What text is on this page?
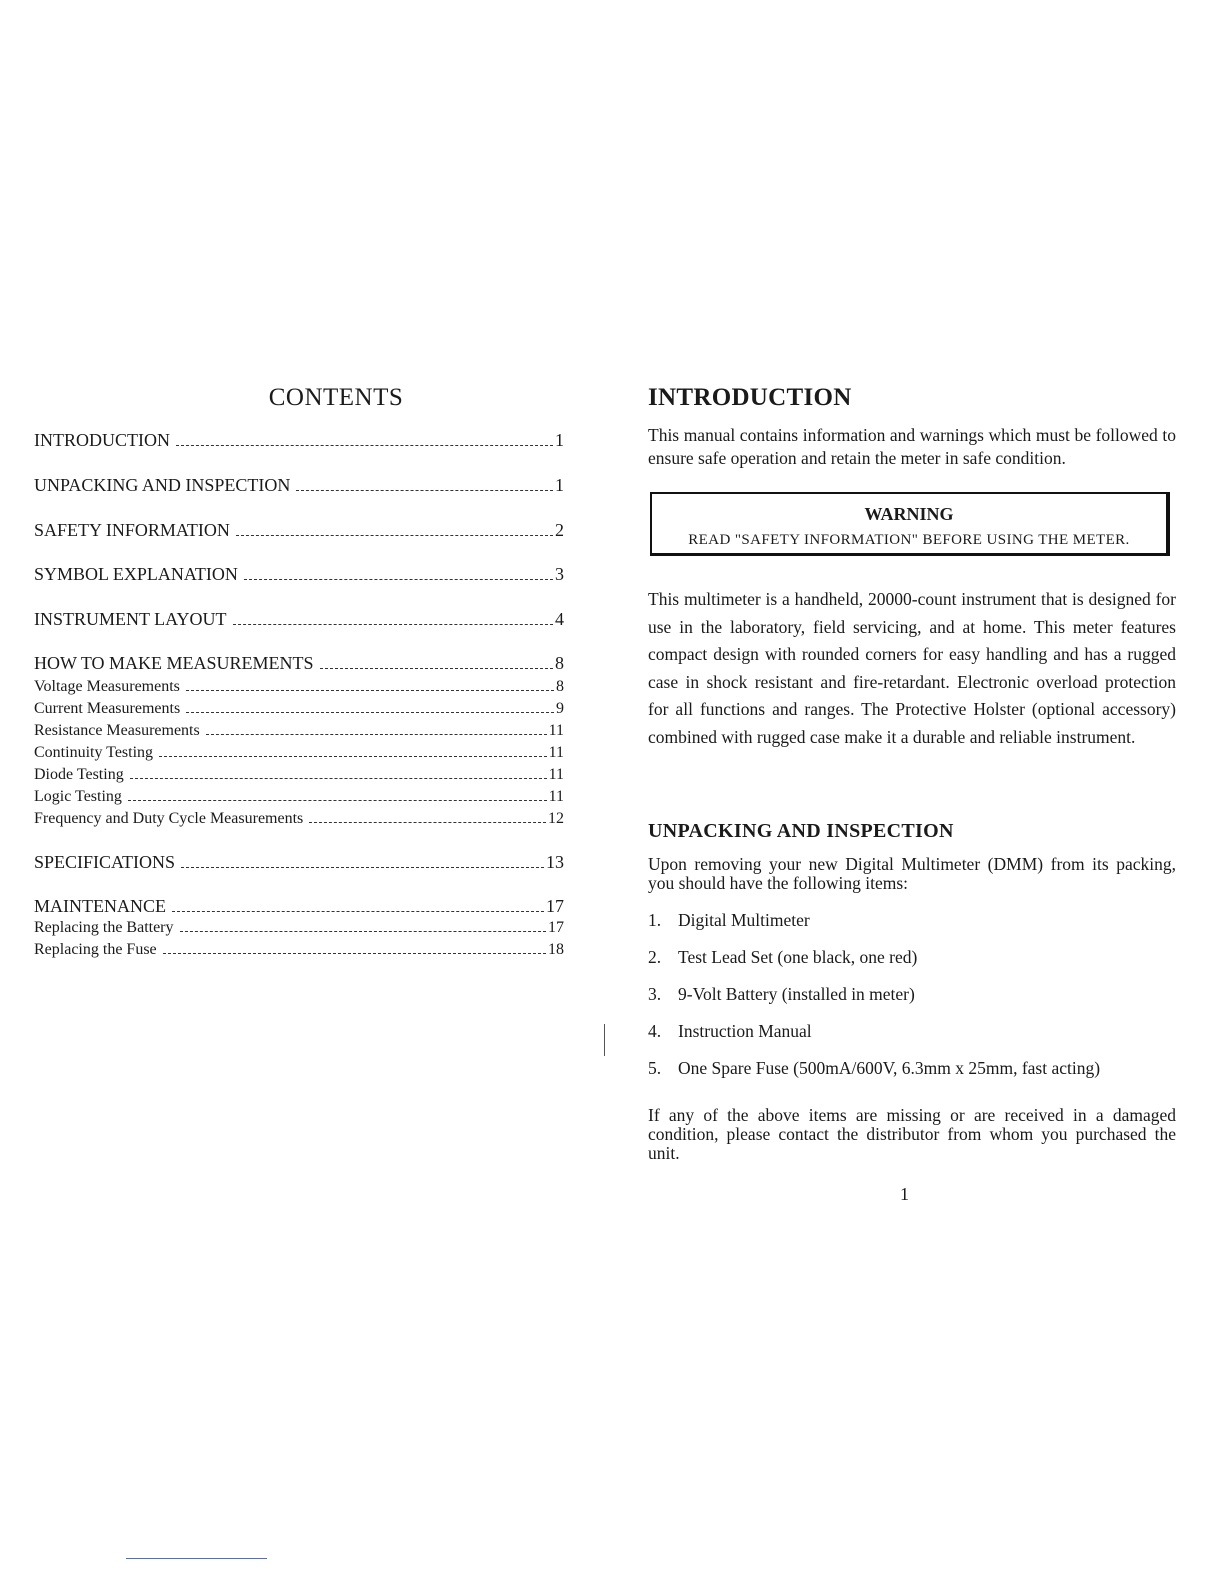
CONTENTS
INTRODUCTION	1
UNPACKING AND INSPECTION	1
SAFETY INFORMATION	2
SYMBOL EXPLANATION	3
INSTRUMENT LAYOUT	4
HOW TO MAKE MEASUREMENTS	8
Voltage Measurements	8
Current Measurements	9
Resistance Measurements	11
Continuity Testing	11
Diode Testing	11
Logic Testing	11
Frequency and Duty Cycle Measurements	12
SPECIFICATIONS	13
MAINTENANCE	17
Replacing the Battery	17
Replacing the Fuse	18
INTRODUCTION

This manual contains information and warnings which must be followed to ensure safe operation and retain the meter in safe condition.

WARNING
READ "SAFETY INFORMATION" BEFORE USING THE METER.

This multimeter is a handheld, 20000-count instrument that is designed for use in the laboratory, field servicing, and at home. This meter features compact design with rounded corners for easy handling and has a rugged case in shock resistant and fire-retardant. Electronic overload protection for all functions and ranges. The Protective Holster (optional accessory) combined with rugged case make it a durable and reliable instrument.

UNPACKING AND INSPECTION

Upon removing your new Digital Multimeter (DMM) from its packing, you should have the following items:

1. Digital Multimeter
2. Test Lead Set (one black, one red)
3. 9-Volt Battery (installed in meter)
4. Instruction Manual
5. One Spare Fuse (500mA/600V, 6.3mm x 25mm, fast acting)

If any of the above items are missing or are received in a damaged condition, please contact the distributor from whom you purchased the unit.

1
